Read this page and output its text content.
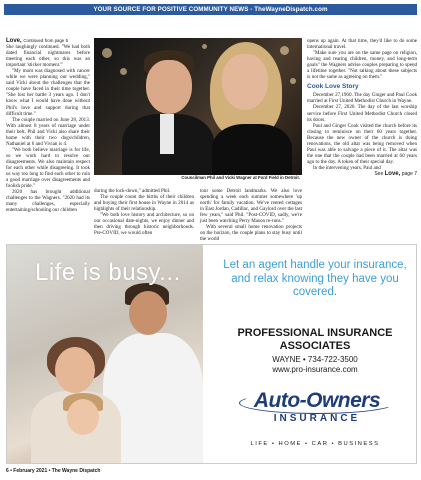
YOUR SOURCE FOR POSITIVE COMMUNITY NEWS - TheWayneDispatch.com

Love, Continued from page 5

She laughingly continued. "We had both dated financial nightmares before meeting each other, so this was an important 'sticker moment.'"

"My mom was diagnosed with cancer while we were planning our wedding," said Vicki about the challenges that the couple have faced in their time together. "She lost her battle 3 years ago. I don't know what I would have done without Phil's love and support during that difficult time."

The couple married on June 28, 2013. With almost 8 years of marriage under their belt, Phil and Vicki also share their home with their two dogs/children, Nathaniel at 6 and Vivian is 4.

"We both believe marriage is for life, so we work hard to resolve our disagreements. We also maintain respect for each other while disagreeing. It took us way too long to find each other to ruin a good marriage over disagreements and foolish pride."

2020 has brought additional challenges to the Wagners. "2020 had its many challenges, especially entertaining/schooling our children

Councilman Phil and Vicki Wagner at Ford Field in Detroit.

during the lock-down," admitted Phil.

The couple count the births of their children and buying their first house in Wayne in 2014 as highlights of their relationship.

"We both love history and architecture, so on our occasional date-nights, we enjoy dinner and then driving through historic neighborhoods. Pre-COVID, we would often

tour some Detroit landmarks. We also love spending a week each summer somewhere 'up north' for family vacation. We've rented cottages in East Jordan, Cadillac, and Gaylord over the last few years," said Phil. "Post-COVID, sadly, we're just been watching Perry Mason re-runs."

With several small home renovation projects on the horizon, the couple plans to stay busy until the world

opens up again. At that time, they'd like to do some international travel.

"Make sure you are on the same page on religion, having and rearing children, money, and long-term goals" the Wagners advise couples preparing to spend a lifetime together. "Not talking about these subjects is not the same as agreeing on them."

Cook Love Story

December 27,1960. The day Ginger and Paul Cook married at First United Methodist Church in Wayne.

December 27, 2020. The day of the last worship service before First United Methodist Church closed its doors.

Paul and Ginger Cook visited the church before its closing to reminisce on their 60 years together. Because the new owner of the church is doing renovations, the old altar was being removed when Paul was able to salvage a piece of it. The altar was the one that the couple had been married at 60 years ago to the day. A token of their special day.

In the intervening years, Paul and

See Love, page 7

Life is busy...	Let an agent handle your insurance, and relax knowing they have you covered.
PROFESSIONAL INSURANCE ASSOCIATES
WAYNE • 734-722-3500
www.pro-insurance.com
Auto-Owners
INSURANCE
LIFE • HOME • CAR • BUSINESS
6 • February 2021 • The Wayne Dispatch
